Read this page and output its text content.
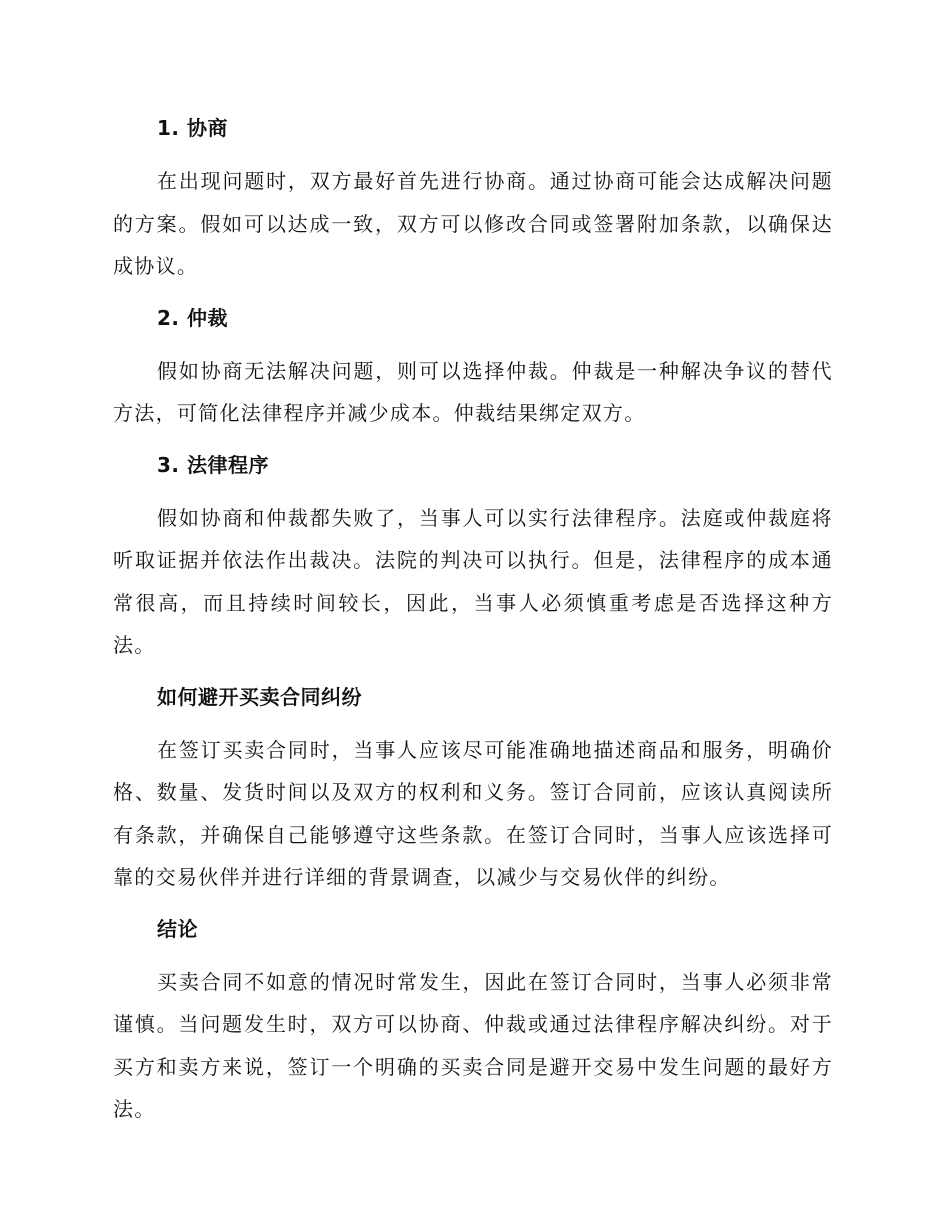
1. 协商

在出现问题时，双方最好首先进行协商。通过协商可能会达成解决问题的方案。假如可以达成一致，双方可以修改合同或签署附加条款，以确保达成协议。

2. 仲裁

假如协商无法解决问题，则可以选择仲裁。仲裁是一种解决争议的替代方法，可简化法律程序并减少成本。仲裁结果绑定双方。

3. 法律程序

假如协商和仲裁都失败了，当事人可以实行法律程序。法庭或仲裁庭将听取证据并依法作出裁决。法院的判决可以执行。但是，法律程序的成本通常很高，而且持续时间较长，因此，当事人必须慎重考虑是否选择这种方法。

如何避开买卖合同纠纷

在签订买卖合同时，当事人应该尽可能准确地描述商品和服务，明确价格、数量、发货时间以及双方的权利和义务。签订合同前，应该认真阅读所有条款，并确保自己能够遵守这些条款。在签订合同时，当事人应该选择可靠的交易伙伴并进行详细的背景调查，以减少与交易伙伴的纠纷。

结论

买卖合同不如意的情况时常发生，因此在签订合同时，当事人必须非常谨慎。当问题发生时，双方可以协商、仲裁或通过法律程序解决纠纷。对于买方和卖方来说，签订一个明确的买卖合同是避开交易中发生问题的最好方法。
